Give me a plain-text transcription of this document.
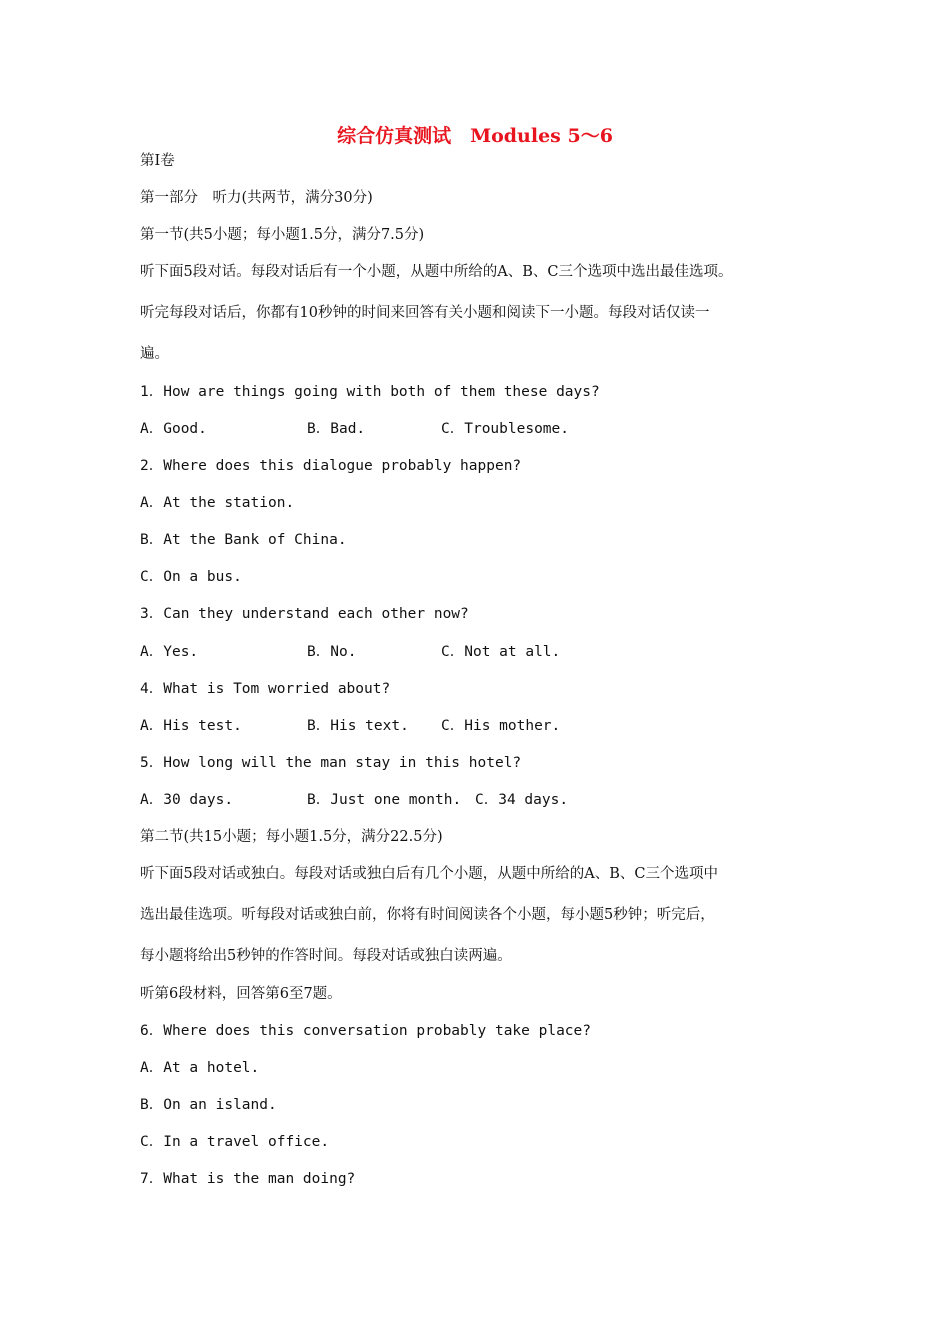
综合仿真测试　Modules 5～6
第Ⅰ卷
第一部分　听力(共两节，满分30分)
第一节(共5小题；每小题1.5分，满分7.5分)
听下面5段对话。每段对话后有一个小题，从题中所给的A、B、C三个选项中选出最佳选项。
听完每段对话后，你都有10秒钟的时间来回答有关小题和阅读下一小题。每段对话仅读一
遍。
1．How are things going with both of them these days?
A．Good.	B．Bad.	C．Troublesome.
2．Where does this dialogue probably happen?
A．At the station.
B．At the Bank of China.
C．On a bus.
3．Can they understand each other now?
A．Yes.	B．No.	C．Not at all.
4．What is Tom worried about?
A．His test.	B．His text. C．His mother.
5．How long will the man stay in this hotel?
A．30 days.	B．Just one month. C．34 days.
第二节(共15小题；每小题1.5分，满分22.5分)
听下面5段对话或独白。每段对话或独白后有几个小题，从题中所给的A、B、C三个选项中
选出最佳选项。听每段对话或独白前，你将有时间阅读各个小题，每小题5秒钟；听完后，
每小题将给出5秒钟的作答时间。每段对话或独白读两遍。
听第6段材料，回答第6至7题。
6．Where does this conversation probably take place?
A．At a hotel.
B．On an island.
C．In a travel office.
7．What is the man doing?
